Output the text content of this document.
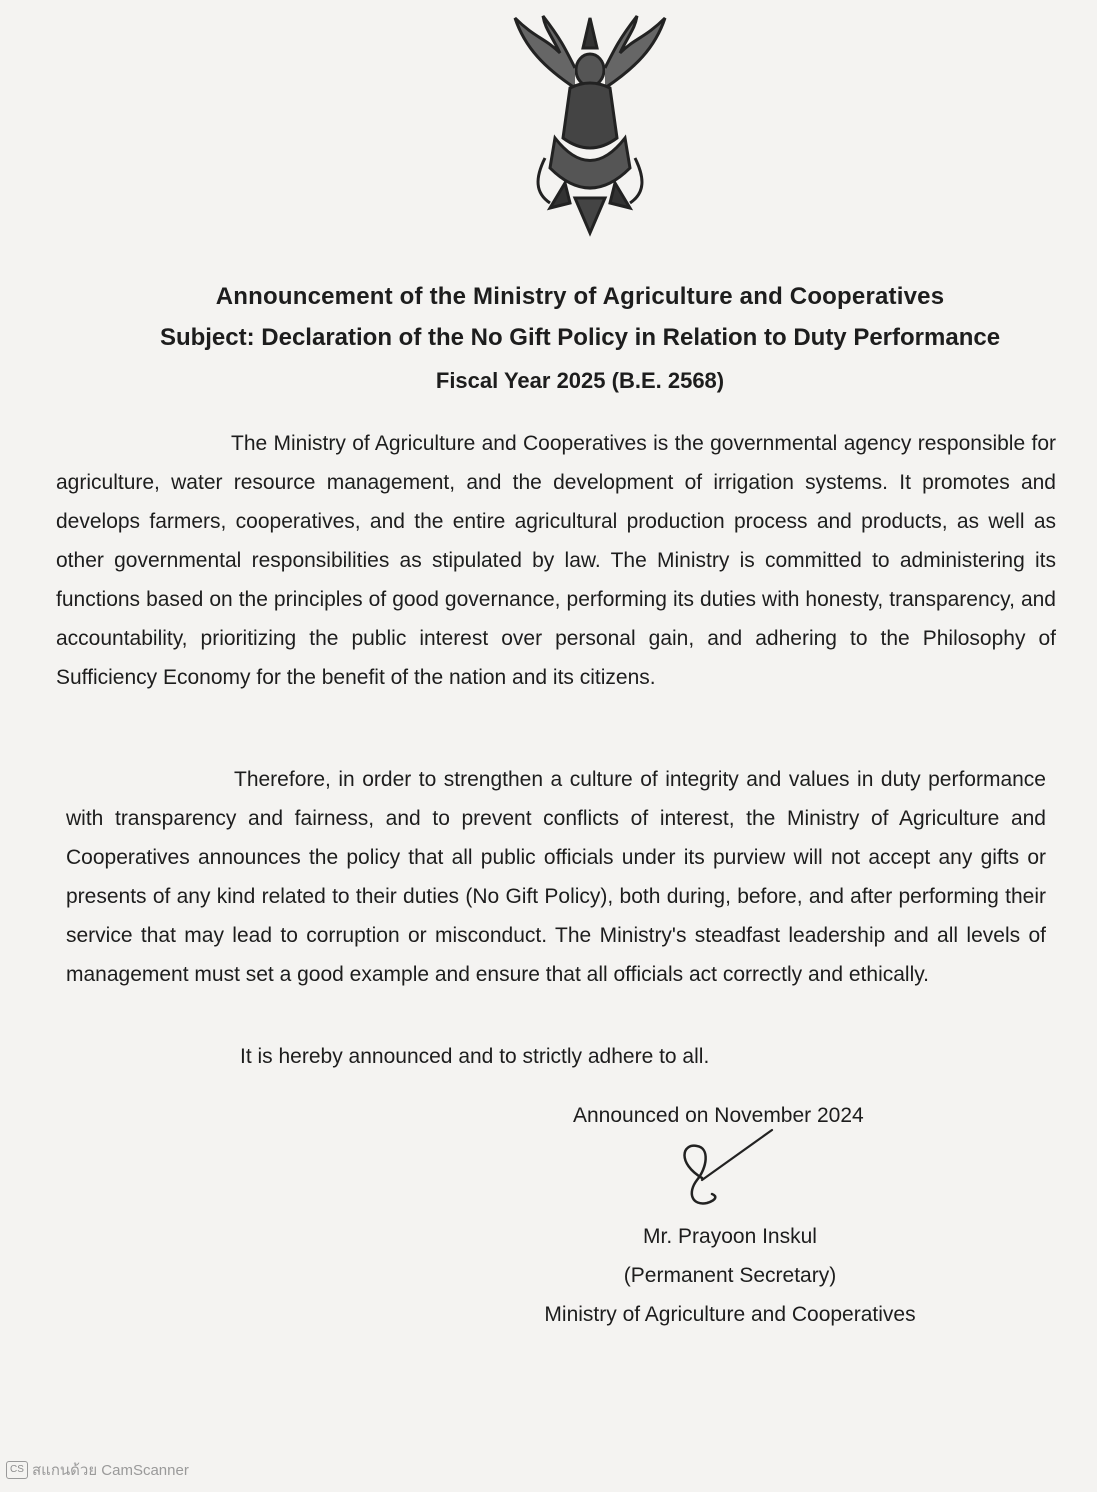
Announcement of the Ministry of Agriculture and Cooperatives
Subject: Declaration of the No Gift Policy in Relation to Duty Performance
Fiscal Year 2025 (B.E. 2568)

The Ministry of Agriculture and Cooperatives is the governmental agency responsible for agriculture, water resource management, and the development of irrigation systems. It promotes and develops farmers, cooperatives, and the entire agricultural production process and products, as well as other governmental responsibilities as stipulated by law. The Ministry is committed to administering its functions based on the principles of good governance, performing its duties with honesty, transparency, and accountability, prioritizing the public interest over personal gain, and adhering to the Philosophy of Sufficiency Economy for the benefit of the nation and its citizens.

Therefore, in order to strengthen a culture of integrity and values in duty performance with transparency and fairness, and to prevent conflicts of interest, the Ministry of Agriculture and Cooperatives announces the policy that all public officials under its purview will not accept any gifts or presents of any kind related to their duties (No Gift Policy), both during, before, and after performing their service that may lead to corruption or misconduct. The Ministry's steadfast leadership and all levels of management must set a good example and ensure that all officials act correctly and ethically.

It is hereby announced and to strictly adhere to all.

Announced on November 2024
Mr. Prayoon Inskul
(Permanent Secretary)
Ministry of Agriculture and Cooperatives
CS สแกนด้วย CamScanner
